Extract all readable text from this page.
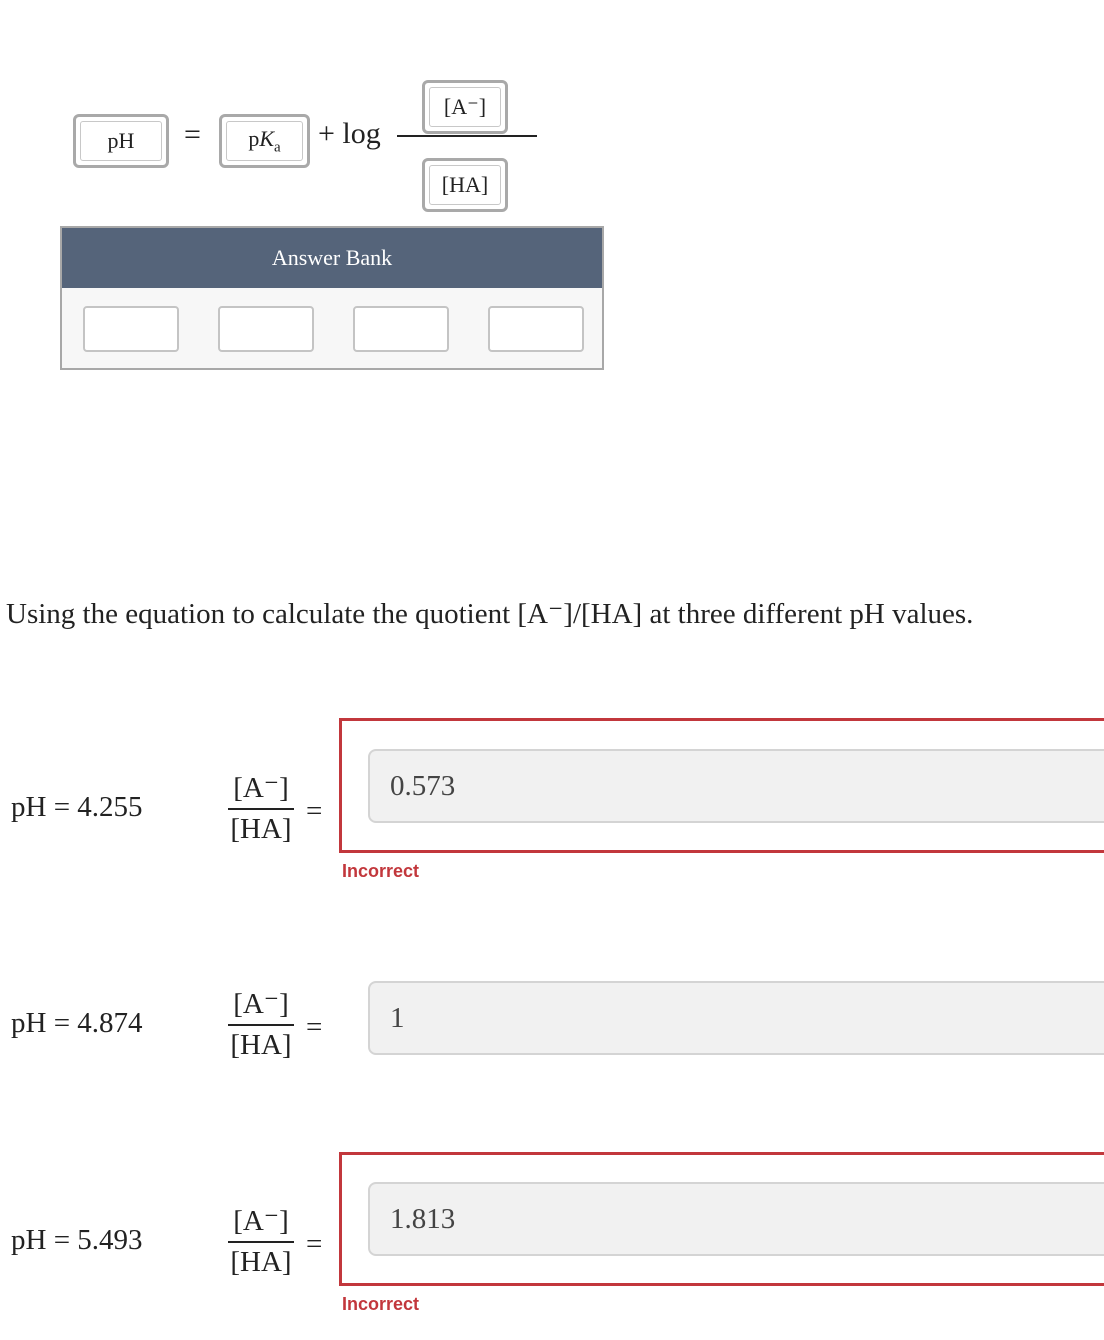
pH = $pK_a + \log$
[A⁻]
[HA]
Answer Bank
Using the equation to calculate the quotient [A⁻]/[HA] at three different pH values.
pH = 4.255
[A⁻]
[HA]
=
0.573
Incorrect
pH = 4.874
[A⁻]
[HA]
=
1
pH = 5.493
[A⁻]
[HA]
=
1.813
Incorrect
